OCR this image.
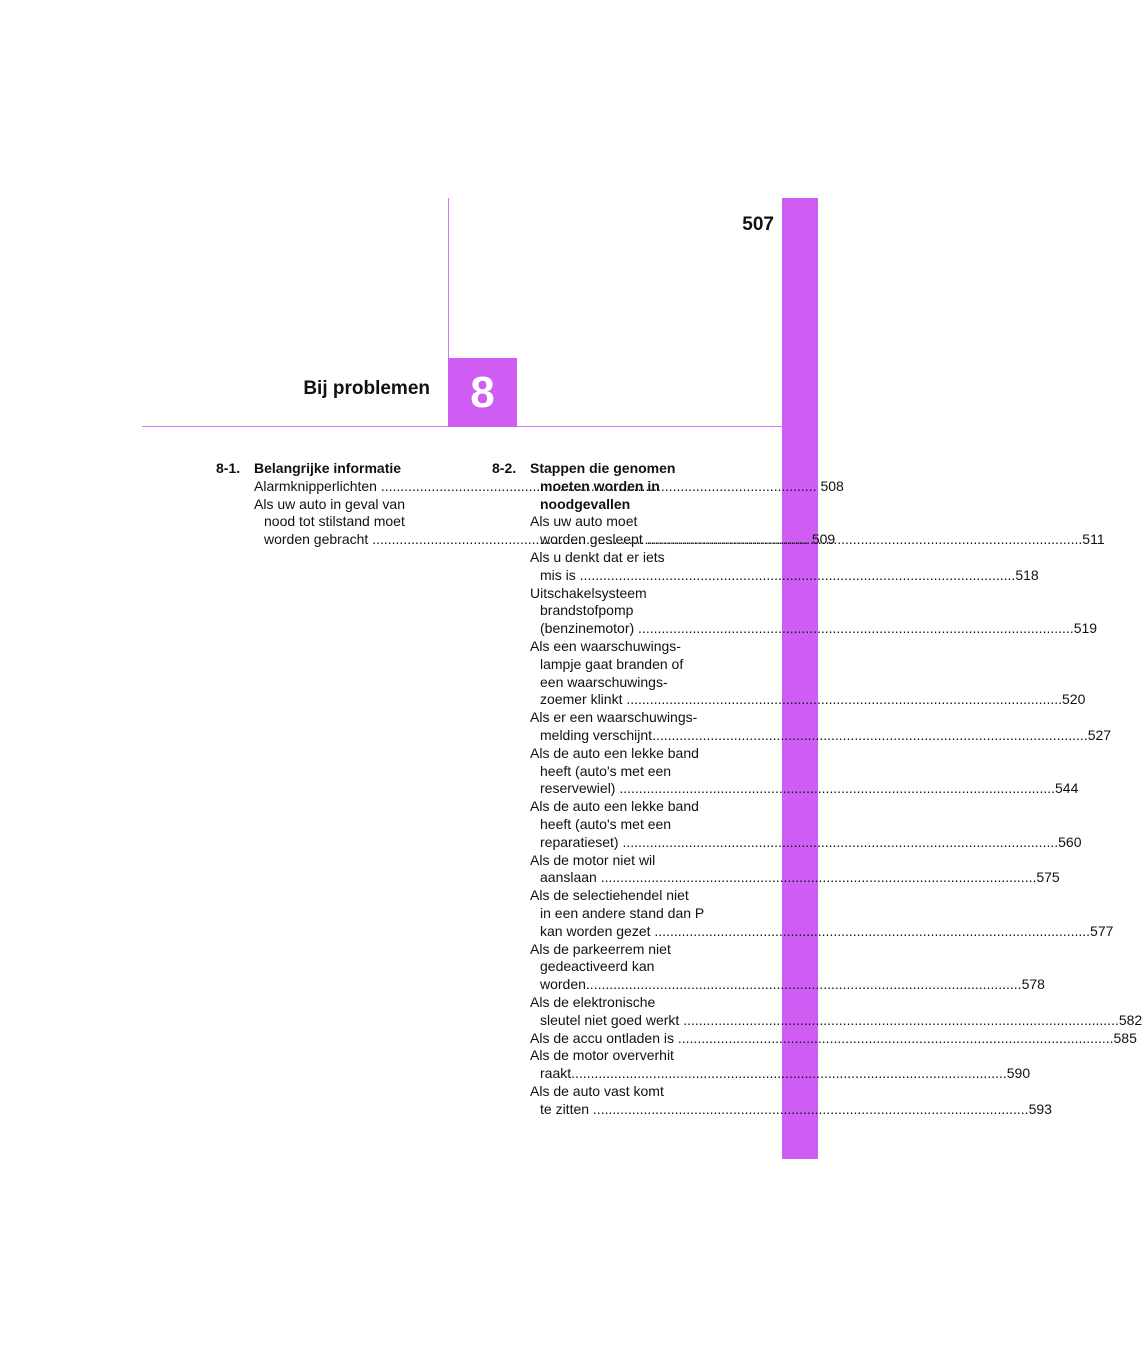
507
Bij problemen 8
8-1. Belangrijke informatie
Alarmknipperlichten .....	508
Als uw auto in geval van
nood tot stilstand moet
worden gebracht .....	509
8-2. Stappen die genomen
moeten worden in
noodgevallen
Als uw auto moet
worden gesleept .....	511
Als u denkt dat er iets
mis is .....	518
Uitschakelsysteem
brandstofpomp
(benzinemotor) .....	519
Als een waarschuwings-
lampje gaat branden of
een waarschuwings-
zoemer klinkt .....	520
Als er een waarschuwings-
melding verschijnt .....	527
Als de auto een lekke band
heeft (auto's met een
reservewiel) .....	544
Als de auto een lekke band
heeft (auto's met een
reparatieset) .....	560
Als de motor niet wil
aanslaan .....	575
Als de selectiehendel niet
in een andere stand dan P
kan worden gezet .....	577
Als de parkeerrem niet
gedeactiveerd kan
worden .....	578
Als de elektronische
sleutel niet goed werkt .....	582
Als de accu ontladen is .....	585
Als de motor oververhit
raakt .....	590
Als de auto vast komt
te zitten .....	593
